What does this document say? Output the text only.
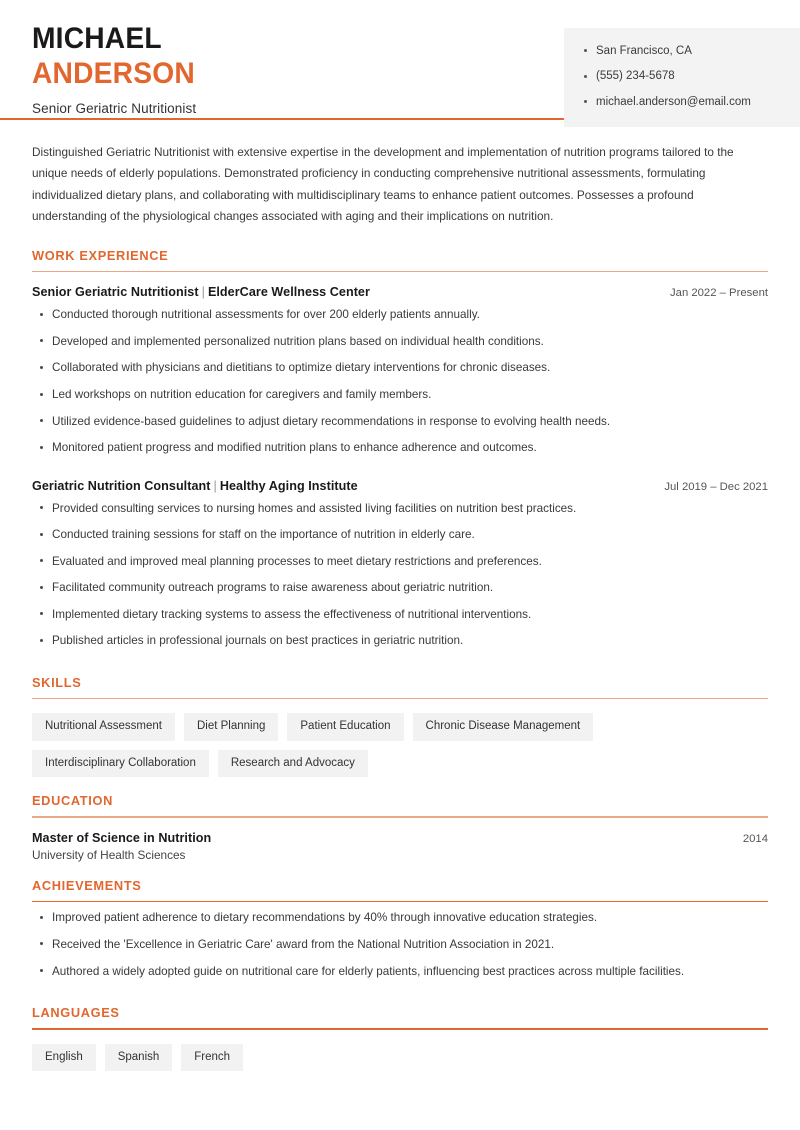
MICHAEL
ANDERSON
Senior Geriatric Nutritionist
San Francisco, CA
(555) 234-5678
michael.anderson@email.com
Distinguished Geriatric Nutritionist with extensive expertise in the development and implementation of nutrition programs tailored to the unique needs of elderly populations. Demonstrated proficiency in conducting comprehensive nutritional assessments, formulating individualized dietary plans, and collaborating with multidisciplinary teams to enhance patient outcomes. Possesses a profound understanding of the physiological changes associated with aging and their implications on nutrition.
WORK EXPERIENCE
Senior Geriatric Nutritionist | ElderCare Wellness Center	Jan 2022 – Present
Conducted thorough nutritional assessments for over 200 elderly patients annually.
Developed and implemented personalized nutrition plans based on individual health conditions.
Collaborated with physicians and dietitians to optimize dietary interventions for chronic diseases.
Led workshops on nutrition education for caregivers and family members.
Utilized evidence-based guidelines to adjust dietary recommendations in response to evolving health needs.
Monitored patient progress and modified nutrition plans to enhance adherence and outcomes.
Geriatric Nutrition Consultant | Healthy Aging Institute	Jul 2019 – Dec 2021
Provided consulting services to nursing homes and assisted living facilities on nutrition best practices.
Conducted training sessions for staff on the importance of nutrition in elderly care.
Evaluated and improved meal planning processes to meet dietary restrictions and preferences.
Facilitated community outreach programs to raise awareness about geriatric nutrition.
Implemented dietary tracking systems to assess the effectiveness of nutritional interventions.
Published articles in professional journals on best practices in geriatric nutrition.
SKILLS
Nutritional Assessment	Diet Planning	Patient Education	Chronic Disease Management
Interdisciplinary Collaboration	Research and Advocacy
EDUCATION
Master of Science in Nutrition	2014
University of Health Sciences
ACHIEVEMENTS
Improved patient adherence to dietary recommendations by 40% through innovative education strategies.
Received the 'Excellence in Geriatric Care' award from the National Nutrition Association in 2021.
Authored a widely adopted guide on nutritional care for elderly patients, influencing best practices across multiple facilities.
LANGUAGES
English	Spanish	French
